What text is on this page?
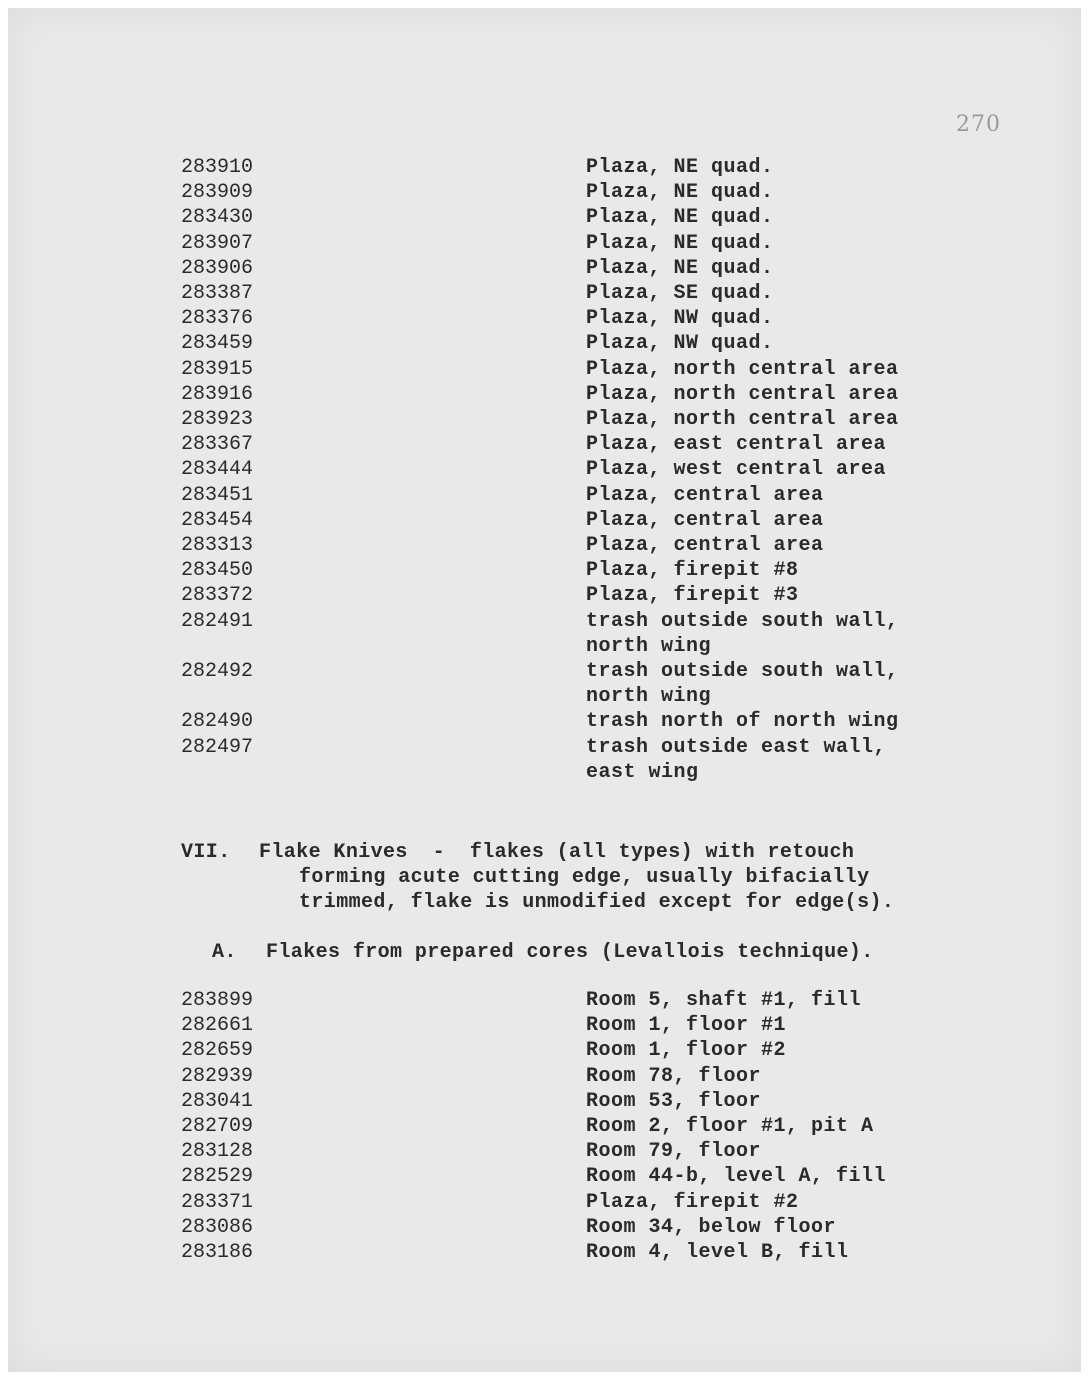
270
283910	Plaza, NE quad.
283909	Plaza, NE quad.
283430	Plaza, NE quad.
283907	Plaza, NE quad.
283906	Plaza, NE quad.
283387	Plaza, SE quad.
283376	Plaza, NW quad.
283459	Plaza, NW quad.
283915	Plaza, north central area
283916	Plaza, north central area
283923	Plaza, north central area
283367	Plaza, east central area
283444	Plaza, west central area
283451	Plaza, central area
283454	Plaza, central area
283313	Plaza, central area
283450	Plaza, firepit #8
283372	Plaza, firepit #3
282491	trash outside south wall,
north wing
282492	trash outside south wall,
north wing
282490	trash north of north wing
282497	trash outside east wall,
east wing
VII.	Flake Knives  -  flakes (all types) with retouch
forming acute cutting edge, usually bifacially
trimmed, flake is unmodified except for edge(s).
A.	Flakes from prepared cores (Levallois technique).
283899	Room 5, shaft #1, fill
282661	Room 1, floor #1
282659	Room 1, floor #2
282939	Room 78, floor
283041	Room 53, floor
282709	Room 2, floor #1, pit A
283128	Room 79, floor
282529	Room 44-b, level A, fill
283371	Plaza, firepit #2
283086	Room 34, below floor
283186	Room 4, level B, fill
